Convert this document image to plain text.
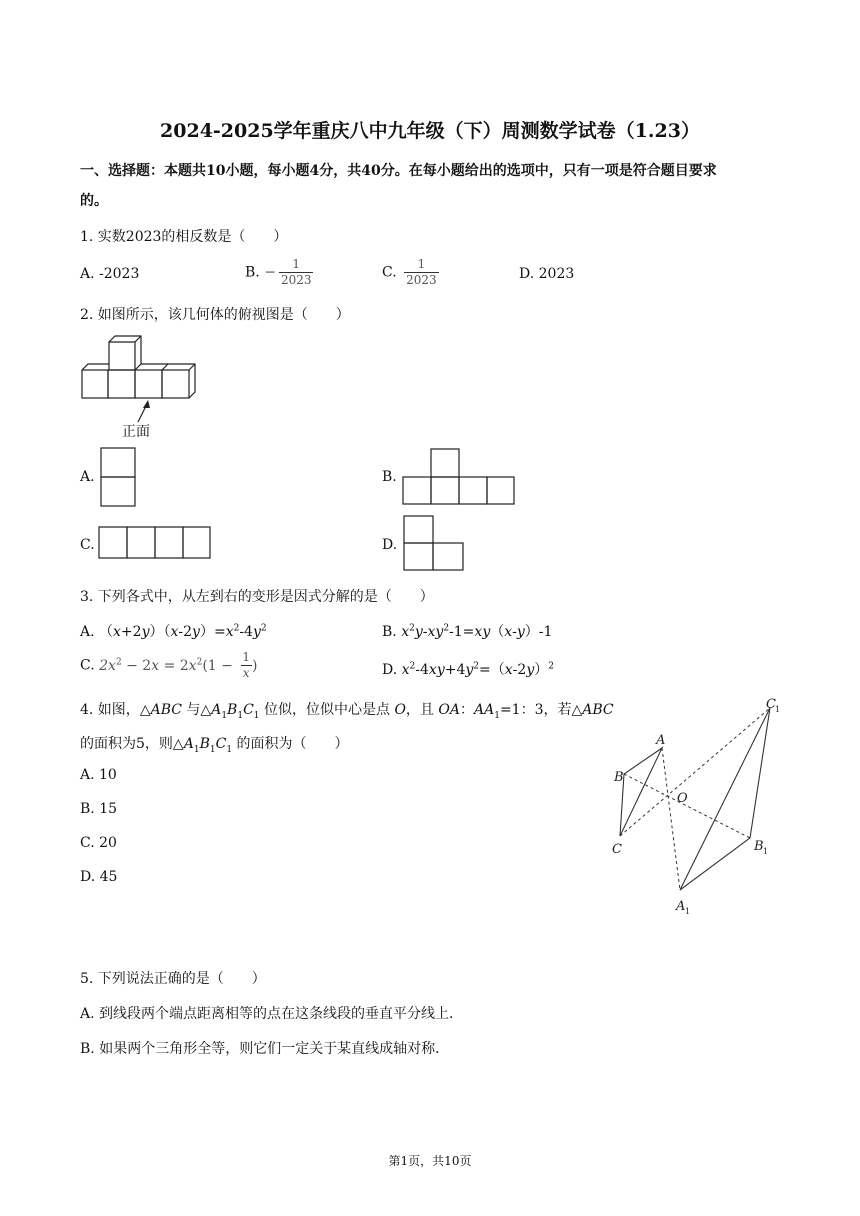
2024-2025学年重庆八中九年级（下）周测数学试卷（1.23）
一、选择题：本题共10小题，每小题4分，共40分。在每小题给出的选项中，只有一项是符合题目要求
的。
1. 实数2023的相反数是（　　）
A. -2023	B. − $\frac{1}{2023}$	C. $\frac{1}{2023}$	D. 2023
2. 如图所示，该几何体的俯视图是（　　）
正面
A.	B.
C.	D.
3. 下列各式中，从左到右的变形是因式分解的是（　　）
A. $(x+2y)(x-2y)=x^2-4y^2$	B. $x^2y-xy^2-1=xy(x-y)-1$
C. $2x^2 - 2x = 2x^2(1 - \frac{1}{x}$ )	D. $x^2-4xy+4y^2=(x-2y)^2$
4. 如图，△ABC 与$\triangle A_1B_1C_1$ 位似，位似中心是点 O，且 OA：$AA_1=1$：3，若△ABC
的面积为5，则$\triangle A_1B_1C_1$ 的面积为（　　）
A. 10
B. 15
C. 20
D. 45
A
B
C
O
A
B
C
1
1
1
5. 下列说法正确的是（　　）
A. 到线段两个端点距离相等的点在这条线段的垂直平分线上．
B. 如果两个三角形全等，则它们一定关于某直线成轴对称．
第1页，共10页
